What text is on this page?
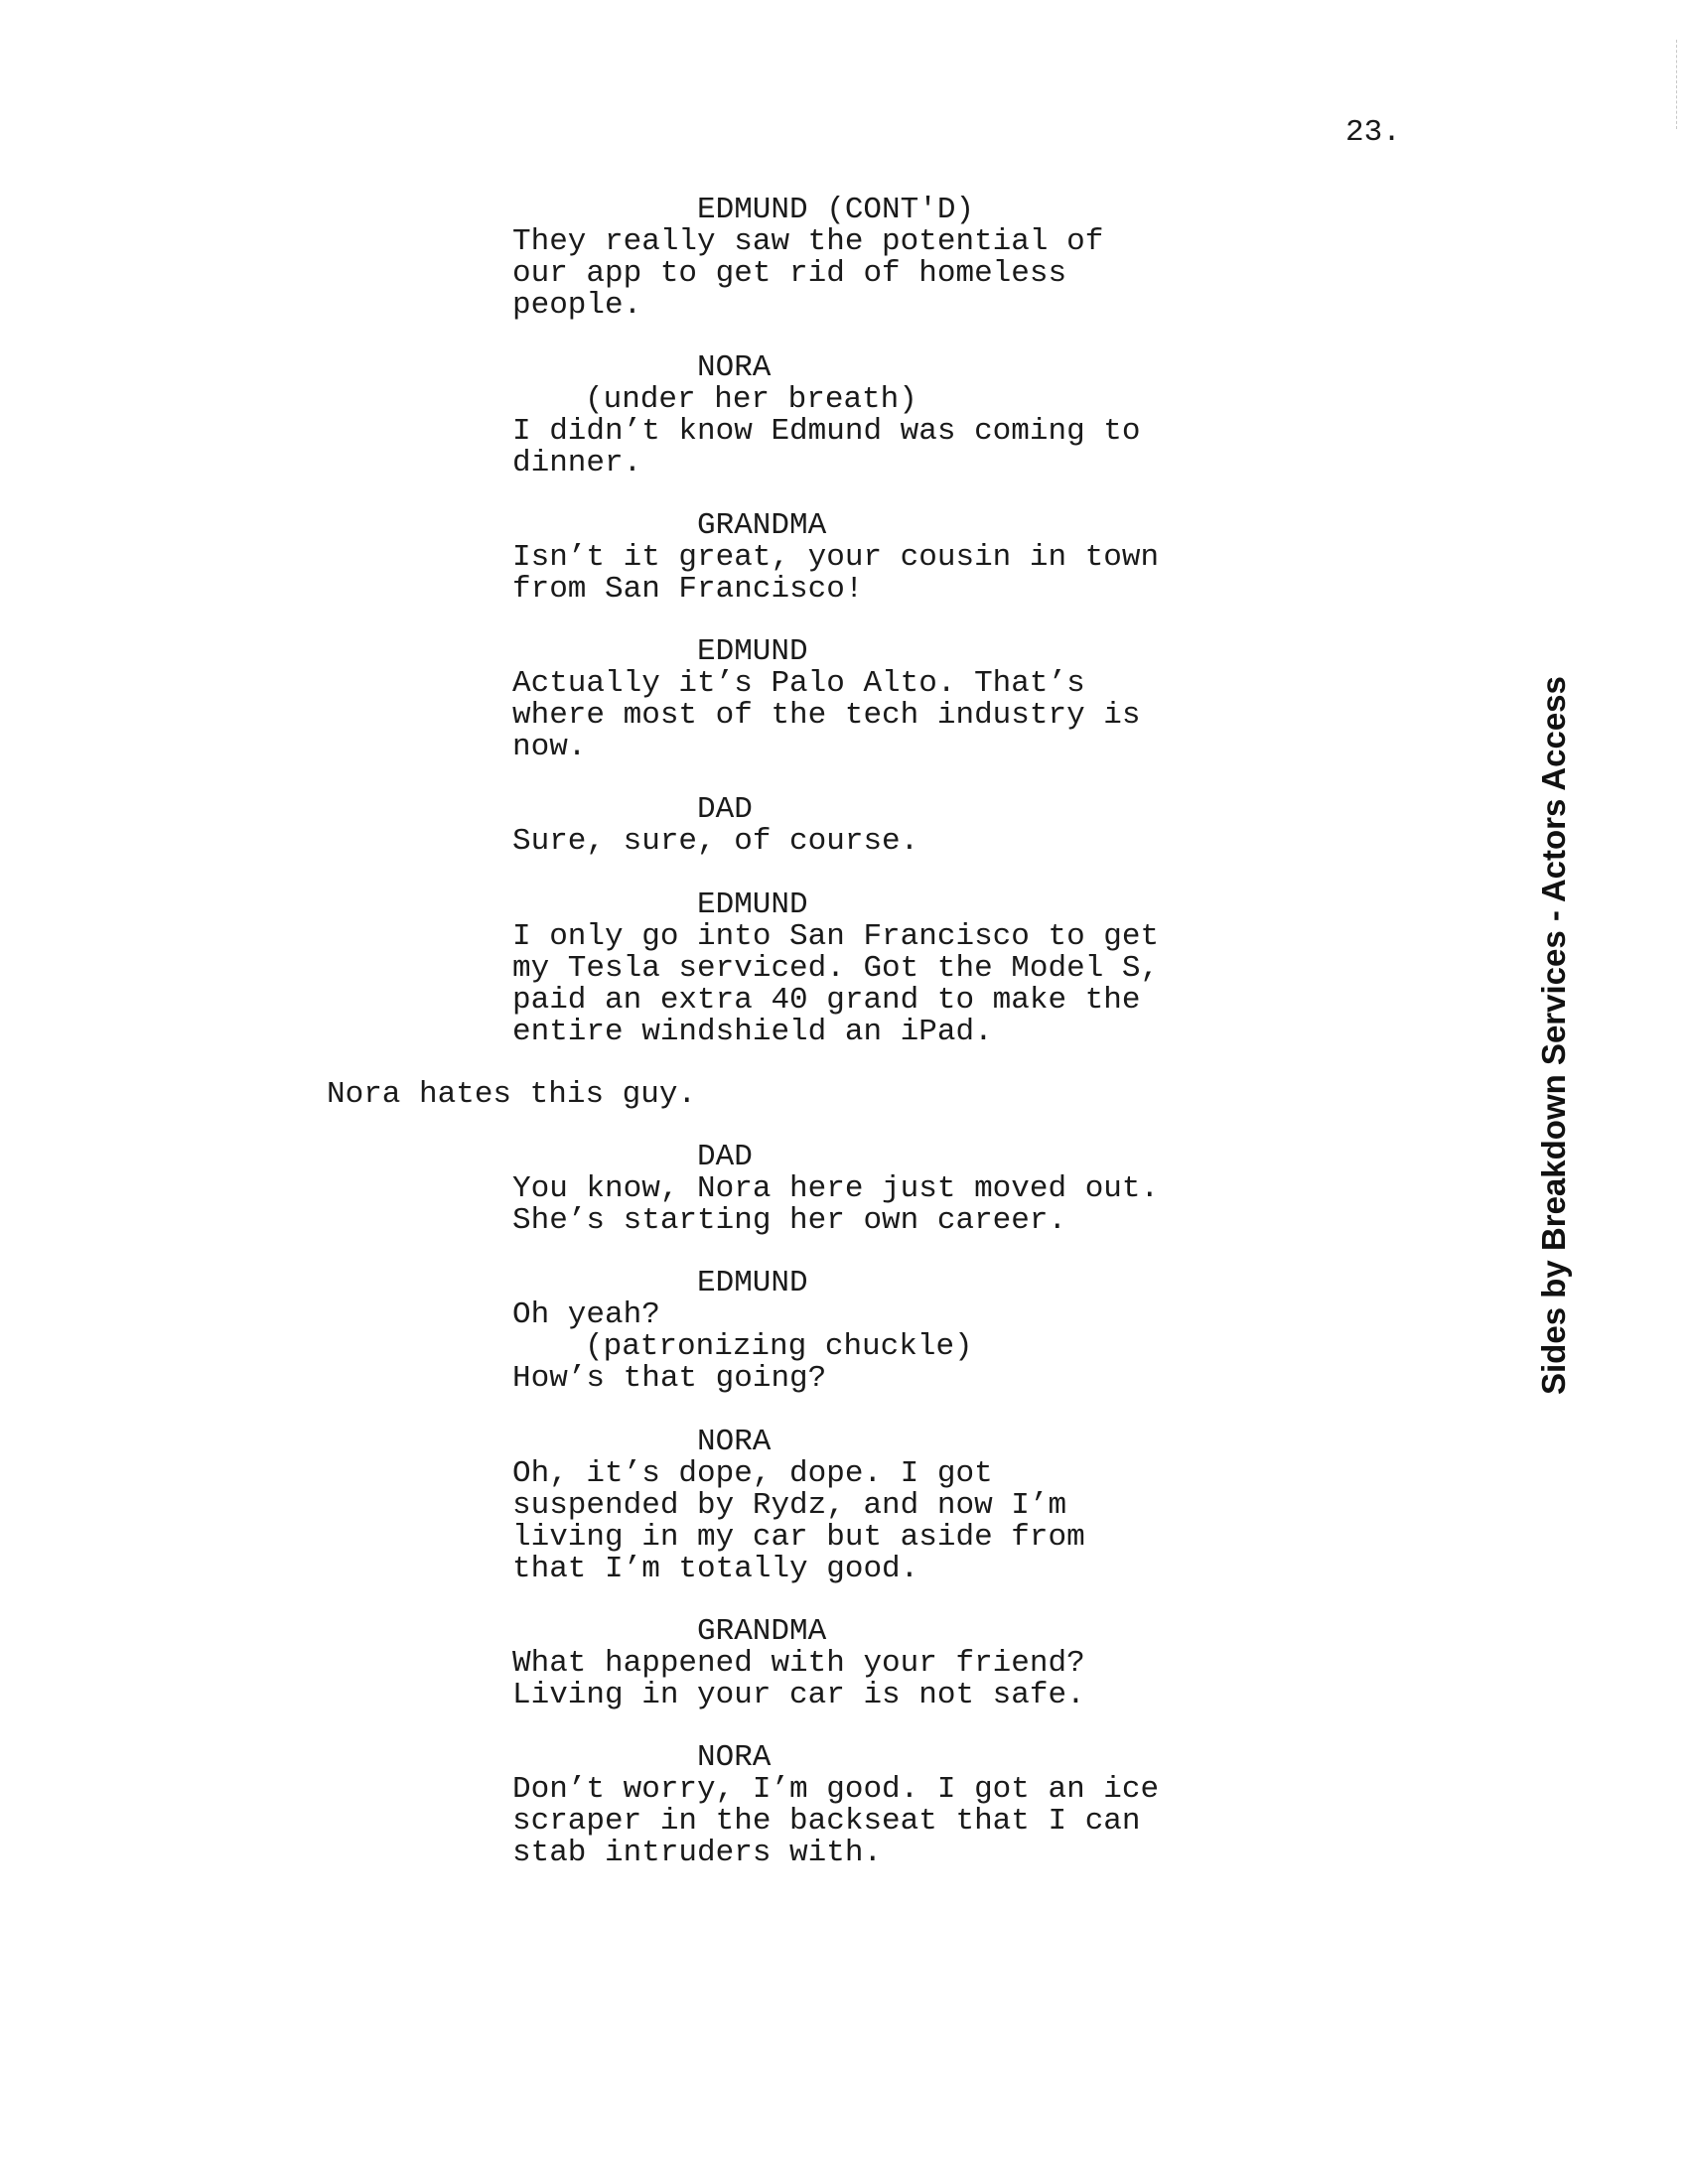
23.
EDMUND (CONT'D)
They really saw the potential of
our app to get rid of homeless
people.
NORA
(under her breath)
I didn’t know Edmund was coming to
dinner.
GRANDMA
Isn’t it great, your cousin in town
from San Francisco!
EDMUND
Actually it’s Palo Alto. That’s
where most of the tech industry is
now.
DAD
Sure, sure, of course.
EDMUND
I only go into San Francisco to get
my Tesla serviced. Got the Model S,
paid an extra 40 grand to make the
entire windshield an iPad.
Nora hates this guy.
DAD
You know, Nora here just moved out.
She’s starting her own career.
EDMUND
Oh yeah?
(patronizing chuckle)
How’s that going?
NORA
Oh, it’s dope, dope. I got
suspended by Rydz, and now I’m
living in my car but aside from
that I’m totally good.
GRANDMA
What happened with your friend?
Living in your car is not safe.
NORA
Don’t worry, I’m good. I got an ice
scraper in the backseat that I can
stab intruders with.
Sides by Breakdown Services - Actors Access
